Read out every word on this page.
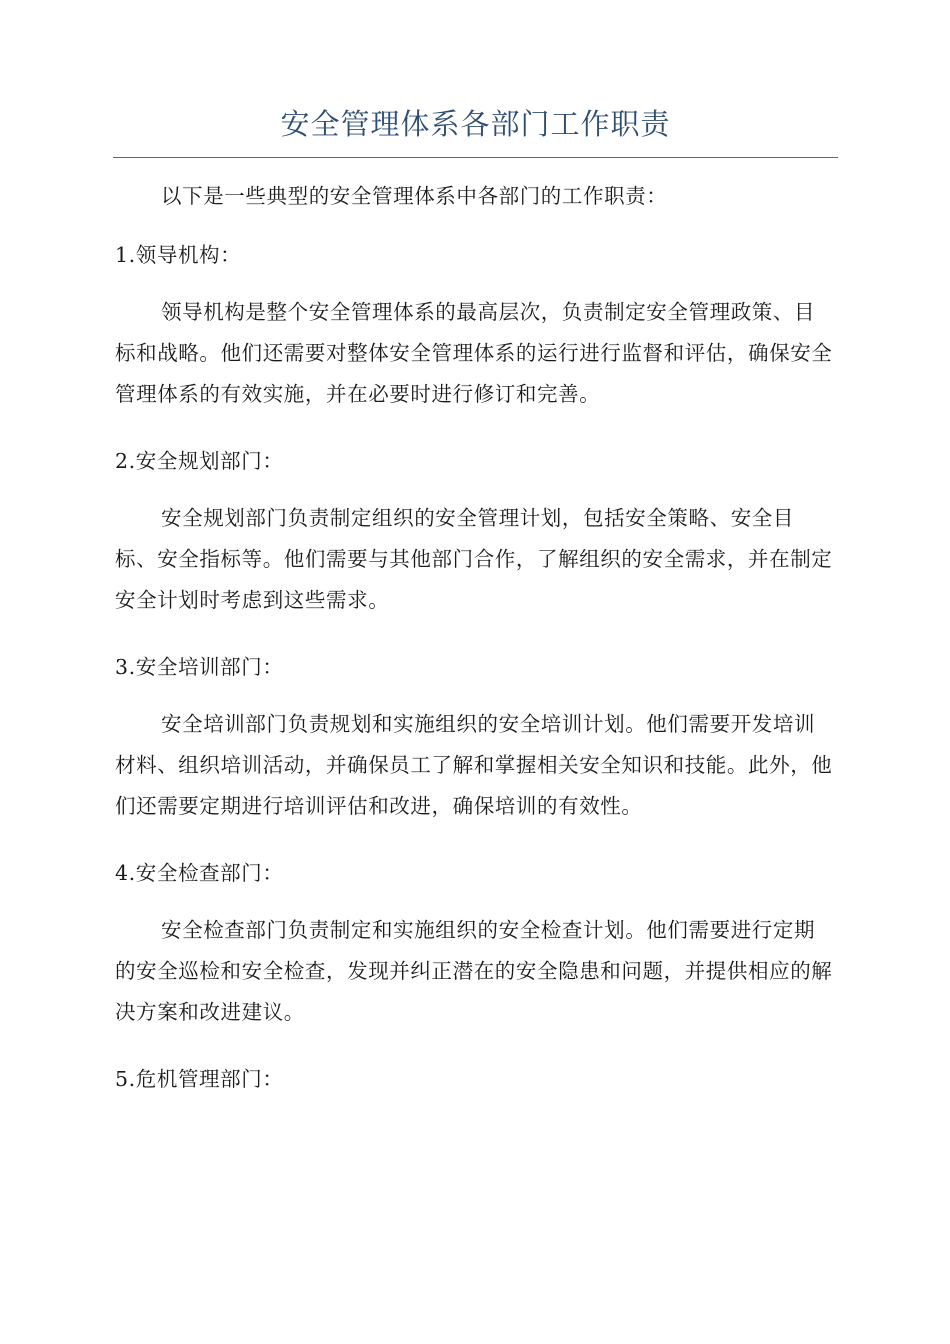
安全管理体系各部门工作职责

以下是一些典型的安全管理体系中各部门的工作职责：

1.领导机构：

领导机构是整个安全管理体系的最高层次，负责制定安全管理政策、目标和战略。他们还需要对整体安全管理体系的运行进行监督和评估，确保安全管理体系的有效实施，并在必要时进行修订和完善。

2.安全规划部门：

安全规划部门负责制定组织的安全管理计划，包括安全策略、安全目标、安全指标等。他们需要与其他部门合作，了解组织的安全需求，并在制定安全计划时考虑到这些需求。

3.安全培训部门：

安全培训部门负责规划和实施组织的安全培训计划。他们需要开发培训材料、组织培训活动，并确保员工了解和掌握相关安全知识和技能。此外，他们还需要定期进行培训评估和改进，确保培训的有效性。

4.安全检查部门：

安全检查部门负责制定和实施组织的安全检查计划。他们需要进行定期的安全巡检和安全检查，发现并纠正潜在的安全隐患和问题，并提供相应的解决方案和改进建议。

5.危机管理部门：
